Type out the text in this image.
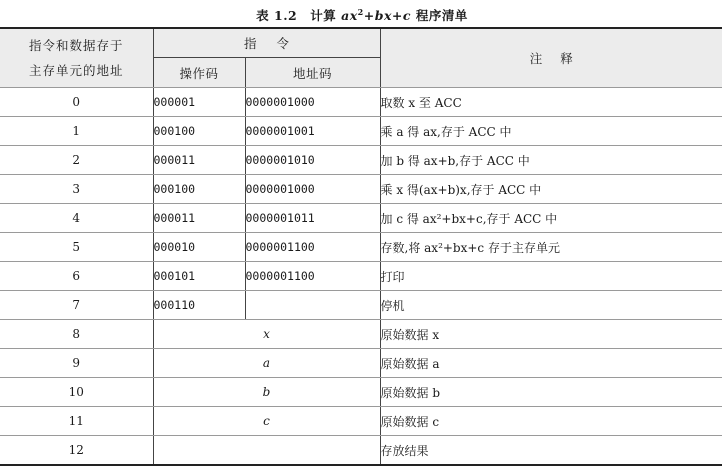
表 1.2　计算 $ax^2+bx+c$ 程序清单
指令和数据存于
主存单元的地址	指令		注释
	操作码	地址码	
0	000001	0000001000	取数 x 至 ACC
1	000100	0000001001	乘 a 得 ax,存于 ACC 中
2	000011	0000001010	加 b 得 ax+b,存于 ACC 中
3	000100	0000001000	乘 x 得(ax+b)x,存于 ACC 中
4	000011	0000001011	加 c 得 ax²+bx+c,存于 ACC 中
5	000010	0000001100	存数,将 ax²+bx+c 存于主存单元
6	000101	0000001100	打印
7	000110		停机
8	x		原始数据 x
9	a		原始数据 a
10	b		原始数据 b
11	c		原始数据 c
12			存放结果
